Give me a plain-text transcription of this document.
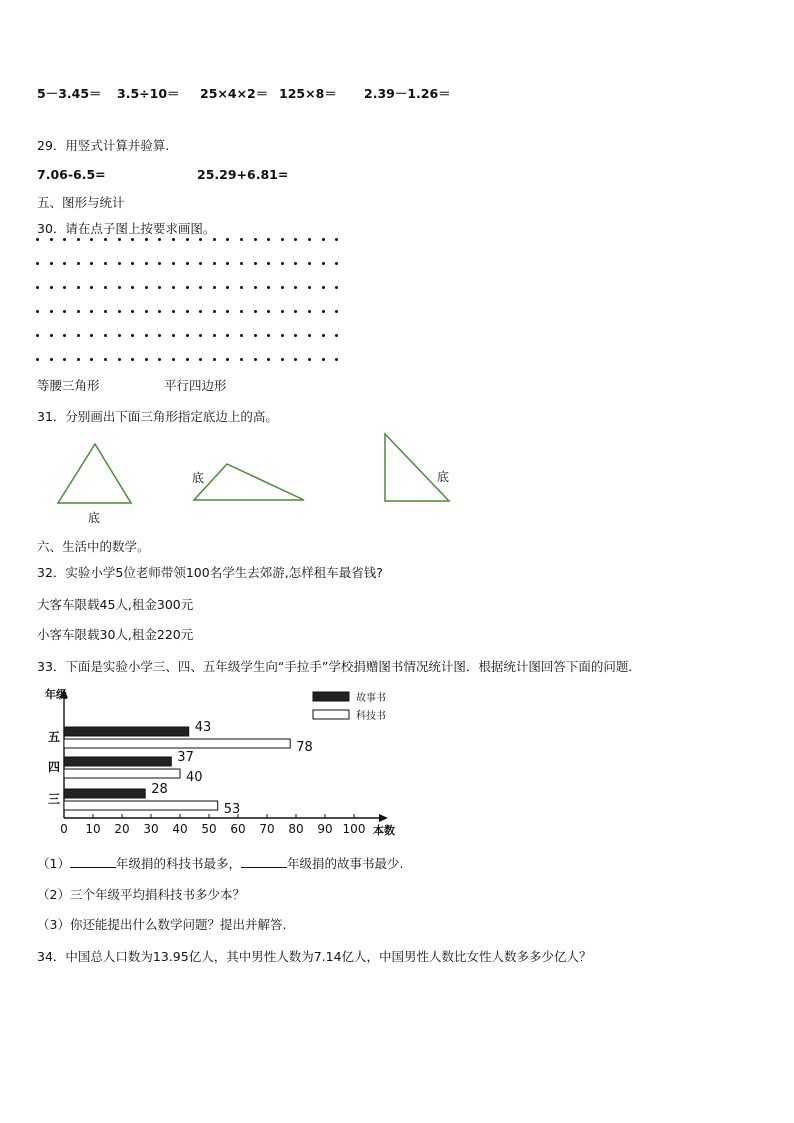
5－3.45＝ 3.5÷10＝ 25×4×2＝ 125×8＝ 2.39－1.26＝
29．用竖式计算并验算.
7.06-6.5=	25.29+6.81=
五、图形与统计
30．请在点子图上按要求画图。
等腰三角形	平行四边形
31．分别画出下面三角形指定底边上的高。
底
底	底
六、生活中的数学。
32．实验小学5位老师带领100名学生去郊游,怎样租车最省钱?
大客车限载45人,租金300元
小客车限载30人,租金220元
33．下面是实验小学三、四、五年级学生向“手拉手”学校捐赠图书情况统计图．根据统计图回答下面的问题．
年级
本数
故事书
科技书
0 10 20 30 40 50 60 70 80 90 100
五
43
78
四
37
40
三
28
53
（1）	年级捐的科技书最多，	年级捐的故事书最少.
（2）三个年级平均捐科技书多少本？
（3）你还能提出什么数学问题？提出并解答.
34．中国总人口数为13.95亿人，其中男性人数为7.14亿人，中国男性人数比女性人数多多少亿人？
